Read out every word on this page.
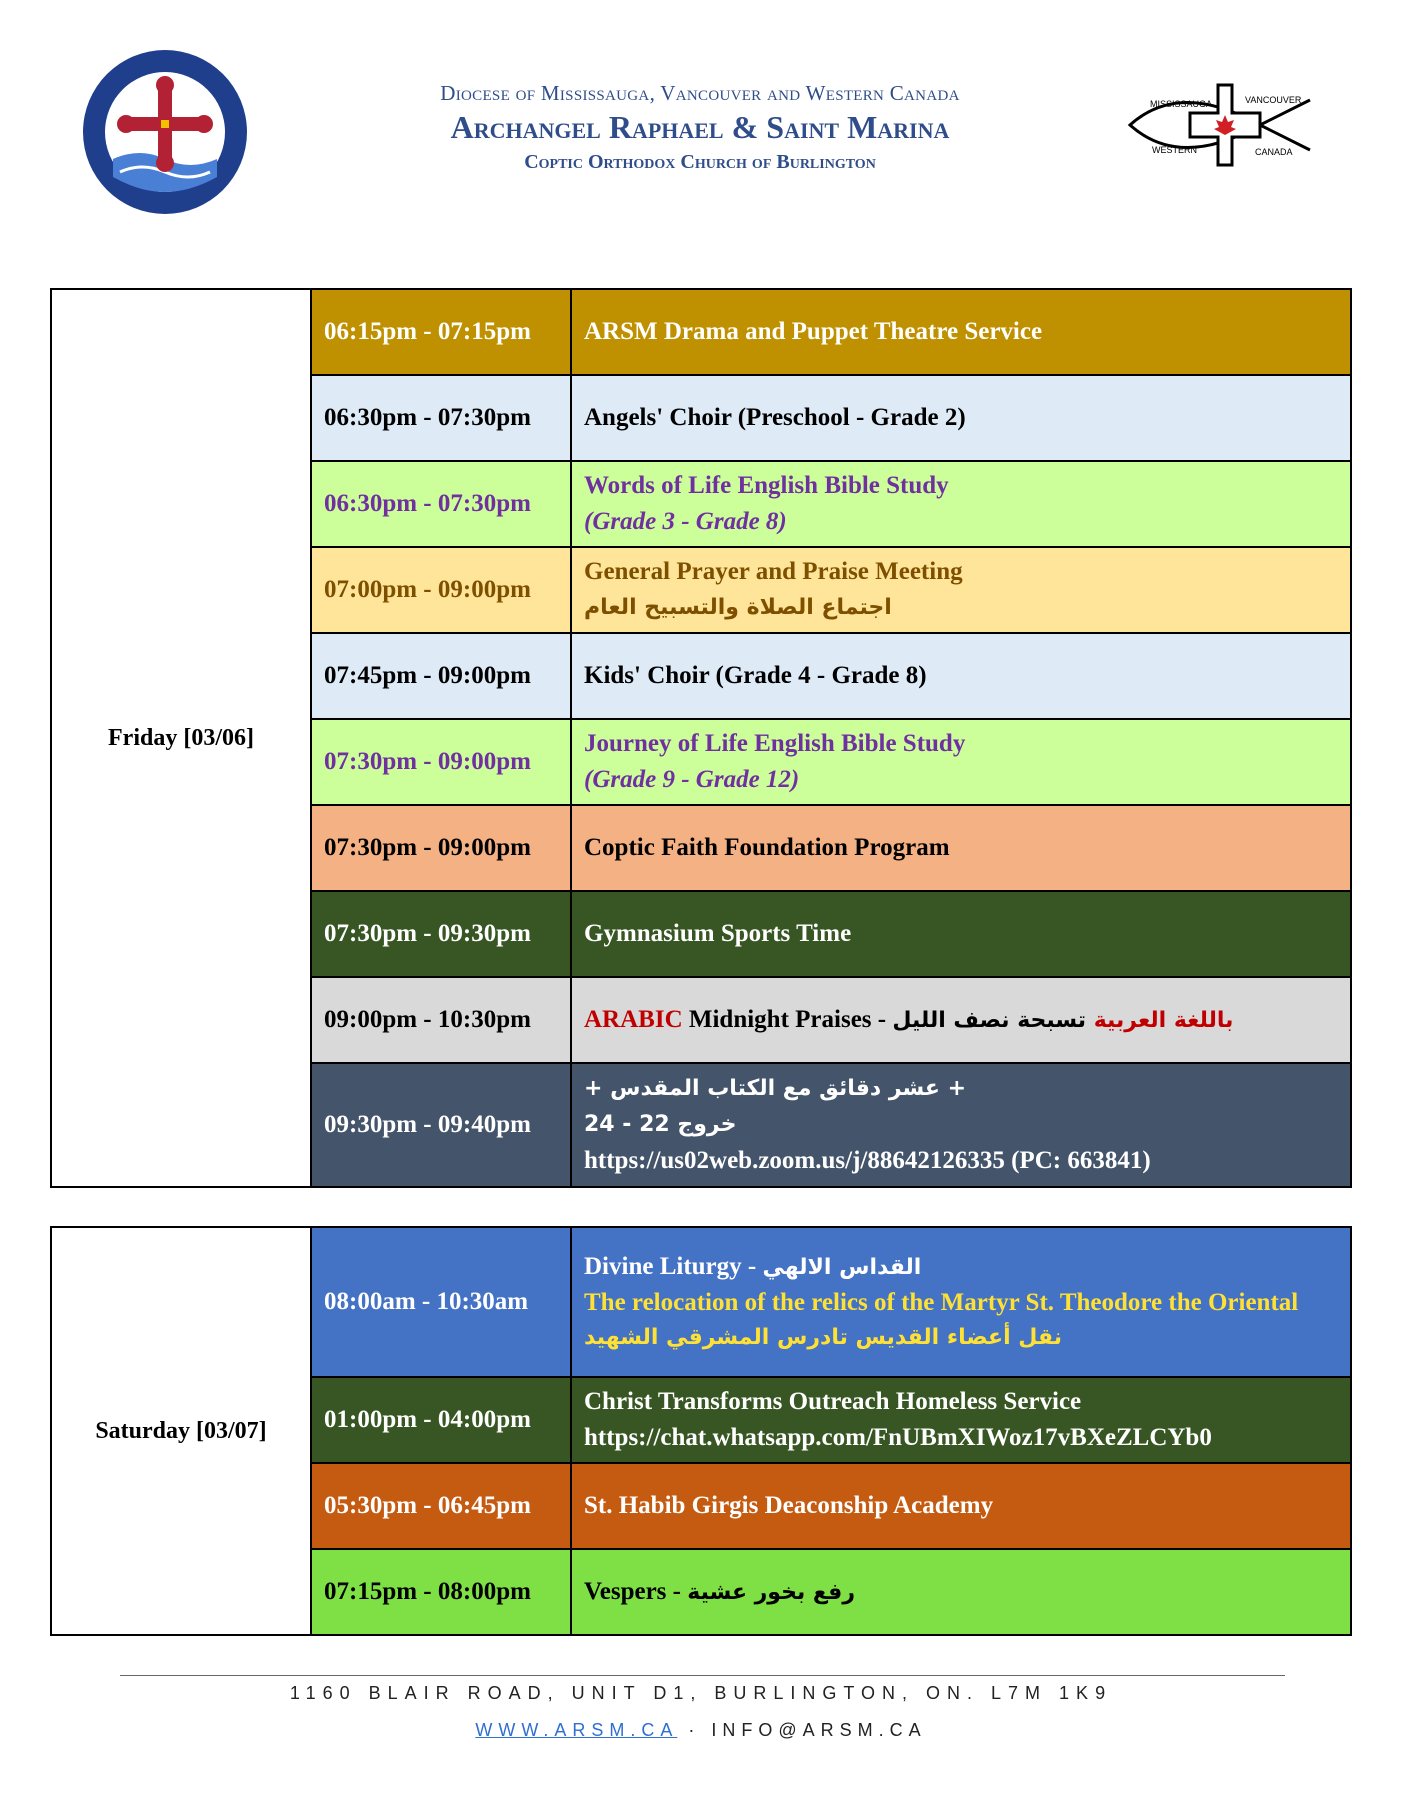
Diocese of Mississauga, Vancouver and Western Canada
Archangel Raphael & Saint Marina
Coptic Orthodox Church of Burlington
MISSISSAUGA	VANCOUVER
WESTERN	CANADA
Friday [03/06]	06:15pm - 07:15pm	ARSM Drama and Puppet Theatre Service
	06:30pm - 07:30pm	Angels' Choir (Preschool - Grade 2)
	06:30pm - 07:30pm	Words of Life English Bible Study
(Grade 3 - Grade 8)

	07:00pm - 09:00pm	General Prayer and Praise Meeting
اجتماع الصلاة والتسبيح العام

	07:45pm - 09:00pm	Kids' Choir (Grade 4 - Grade 8)
	07:30pm - 09:00pm	Journey of Life English Bible Study
(Grade 9 - Grade 12)

	07:30pm - 09:00pm	Coptic Faith Foundation Program
	07:30pm - 09:30pm	Gymnasium Sports Time
	09:00pm - 10:30pm	ARABIC Midnight Praises - باللغة العربية تسبحة نصف الليل
	09:30pm - 09:40pm	+ عشر دقائق مع الكتاب المقدس +
خروج 22 - 24
https://us02web.zoom.us/j/88642126335 (PC: 663841)
Saturday [03/07]	08:00am - 10:30am	Divine Liturgy - القداس الالهي
The relocation of the relics of the Martyr St. Theodore the Oriental
نقل أعضاء القديس تادرس المشرقي الشهيد

	01:00pm - 04:00pm	Christ Transforms Outreach Homeless Service
https://chat.whatsapp.com/FnUBmXIWoz17vBXeZLCYb0

	05:30pm - 06:45pm	St. Habib Girgis Deaconship Academy
	07:15pm - 08:00pm	Vespers - رفع بخور عشية
1160 BLAIR ROAD, UNIT D1, BURLINGTON, ON. L7M 1K9
WWW.ARSM.CA · INFO@ARSM.CA
